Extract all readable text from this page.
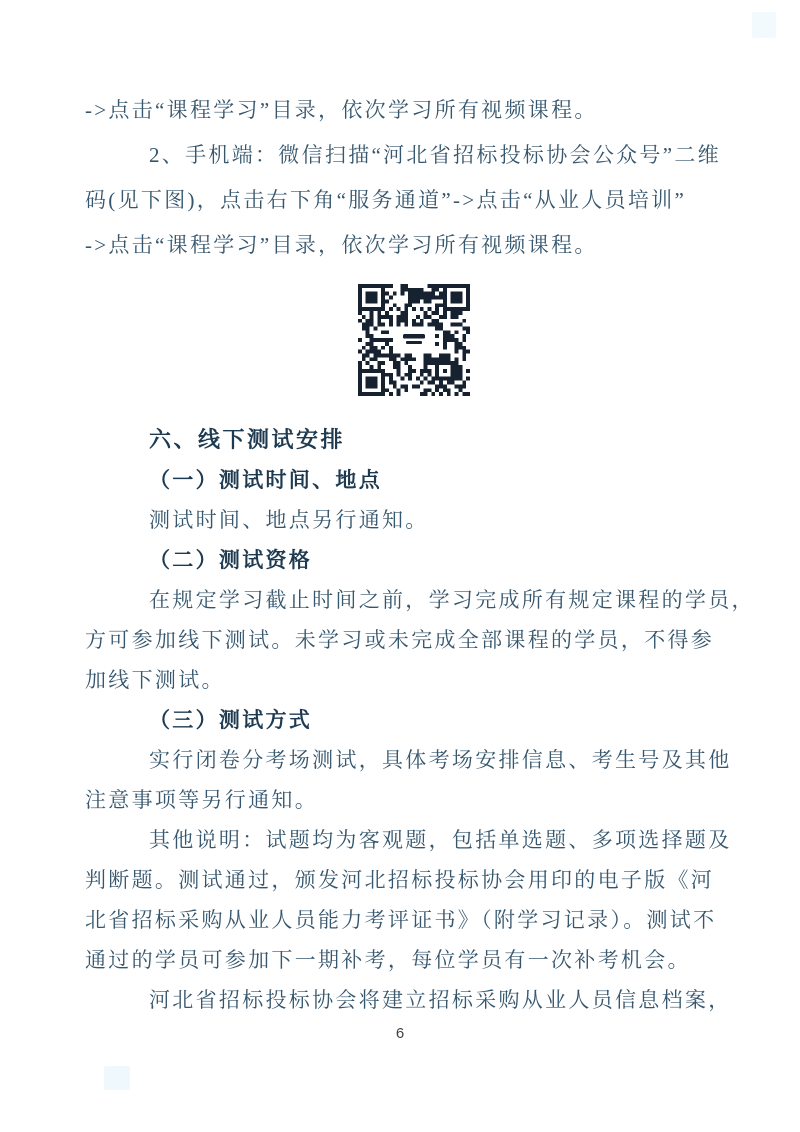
->点击“课程学习”目录，依次学习所有视频课程。
2、手机端：微信扫描“河北省招标投标协会公众号”二维
码(见下图)，点击右下角“服务通道”->点击“从业人员培训”
->点击“课程学习”目录，依次学习所有视频课程。
六、线下测试安排
（一）测试时间、地点
测试时间、地点另行通知。
（二）测试资格
在规定学习截止时间之前，学习完成所有规定课程的学员，
方可参加线下测试。未学习或未完成全部课程的学员，不得参
加线下测试。
（三）测试方式
实行闭卷分考场测试，具体考场安排信息、考生号及其他
注意事项等另行通知。
其他说明：试题均为客观题，包括单选题、多项选择题及
判断题。测试通过，颁发河北招标投标协会用印的电子版《河
北省招标采购从业人员能力考评证书》（附学习记录）。测试不
通过的学员可参加下一期补考，每位学员有一次补考机会。
河北省招标投标协会将建立招标采购从业人员信息档案，
6
